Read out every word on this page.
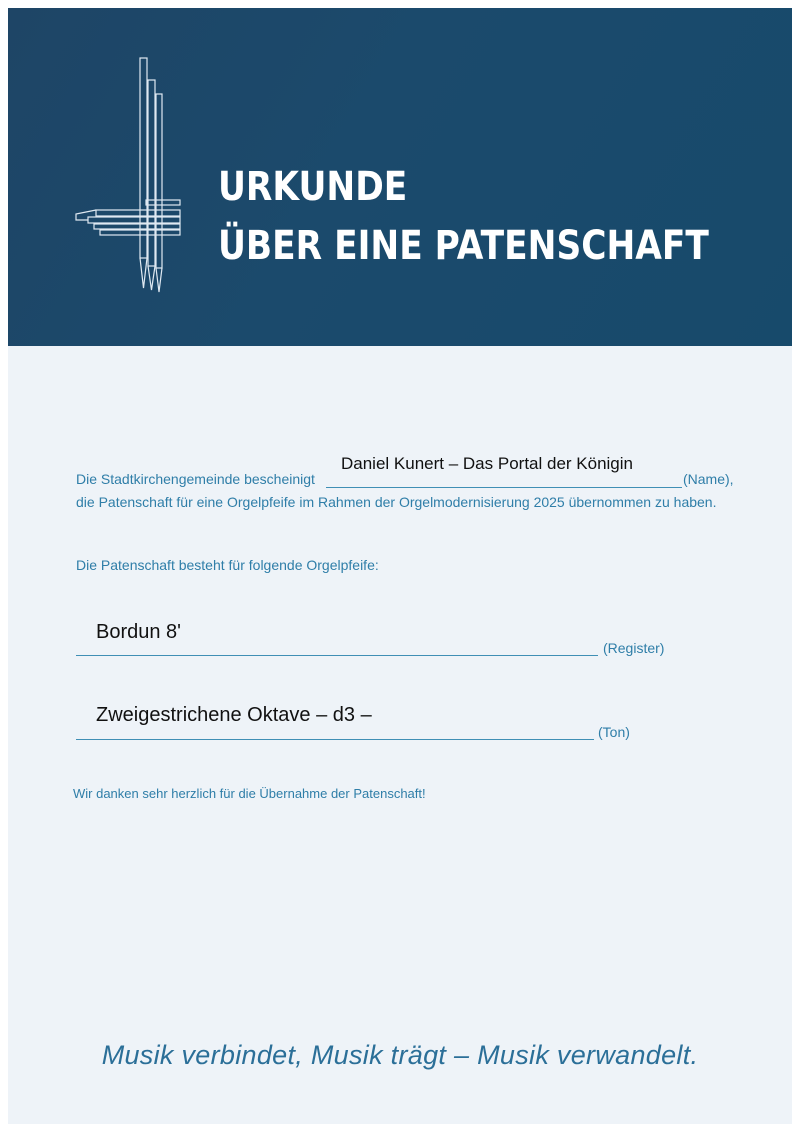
URKUNDE
ÜBER EINE PATENSCHAFT
Daniel Kunert – Das Portal der Königin
Die Stadtkirchengemeinde bescheinigt	(Name),
die Patenschaft für eine Orgelpfeife im Rahmen der Orgelmodernisierung 2025 übernommen zu haben.
Die Patenschaft besteht für folgende Orgelpfeife:
Bordun 8'
(Register)
Zweigestrichene Oktave – d3 –
(Ton)
Wir danken sehr herzlich für die Übernahme der Patenschaft!
Musik verbindet, Musik trägt – Musik verwandelt.
